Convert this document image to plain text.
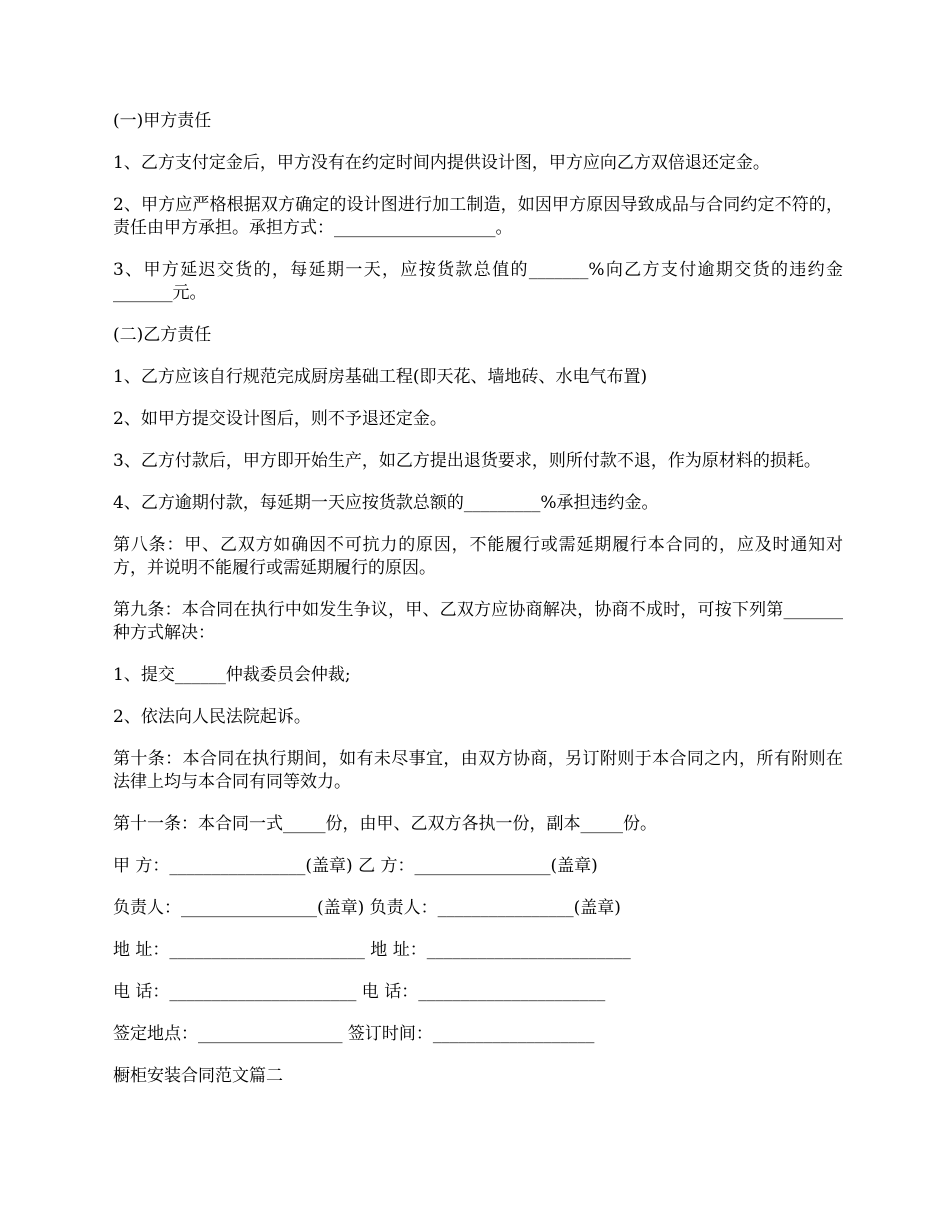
(一)甲方责任

1、乙方支付定金后，甲方没有在约定时间内提供设计图，甲方应向乙方双倍退还定金。

2、甲方应严格根据双方确定的设计图进行加工制造，如因甲方原因导致成品与合同约定不符的，责任由甲方承担。承担方式：___________________。

3、甲方延迟交货的，每延期一天，应按货款总值的_______%向乙方支付逾期交货的违约金_______元。

(二)乙方责任

1、乙方应该自行规范完成厨房基础工程(即天花、墙地砖、水电气布置)

2、如甲方提交设计图后，则不予退还定金。

3、乙方付款后，甲方即开始生产，如乙方提出退货要求，则所付款不退，作为原材料的损耗。

4、乙方逾期付款，每延期一天应按货款总额的_________%承担违约金。

第八条：甲、乙双方如确因不可抗力的原因，不能履行或需延期履行本合同的，应及时通知对方，并说明不能履行或需延期履行的原因。

第九条：本合同在执行中如发生争议，甲、乙双方应协商解决，协商不成时，可按下列第_______种方式解决：

1、提交______仲裁委员会仲裁;

2、依法向人民法院起诉。

第十条：本合同在执行期间，如有未尽事宜，由双方协商，另订附则于本合同之内，所有附则在法律上均与本合同有同等效力。

第十一条：本合同一式_____份，由甲、乙双方各执一份，副本_____份。

甲 方：________________(盖章) 乙 方：________________(盖章)

负责人：________________(盖章) 负责人：________________(盖章)

地 址：_______________________ 地 址：________________________

电 话：______________________ 电 话：______________________

签定地点：_________________ 签订时间：___________________

橱柜安装合同范文篇二
